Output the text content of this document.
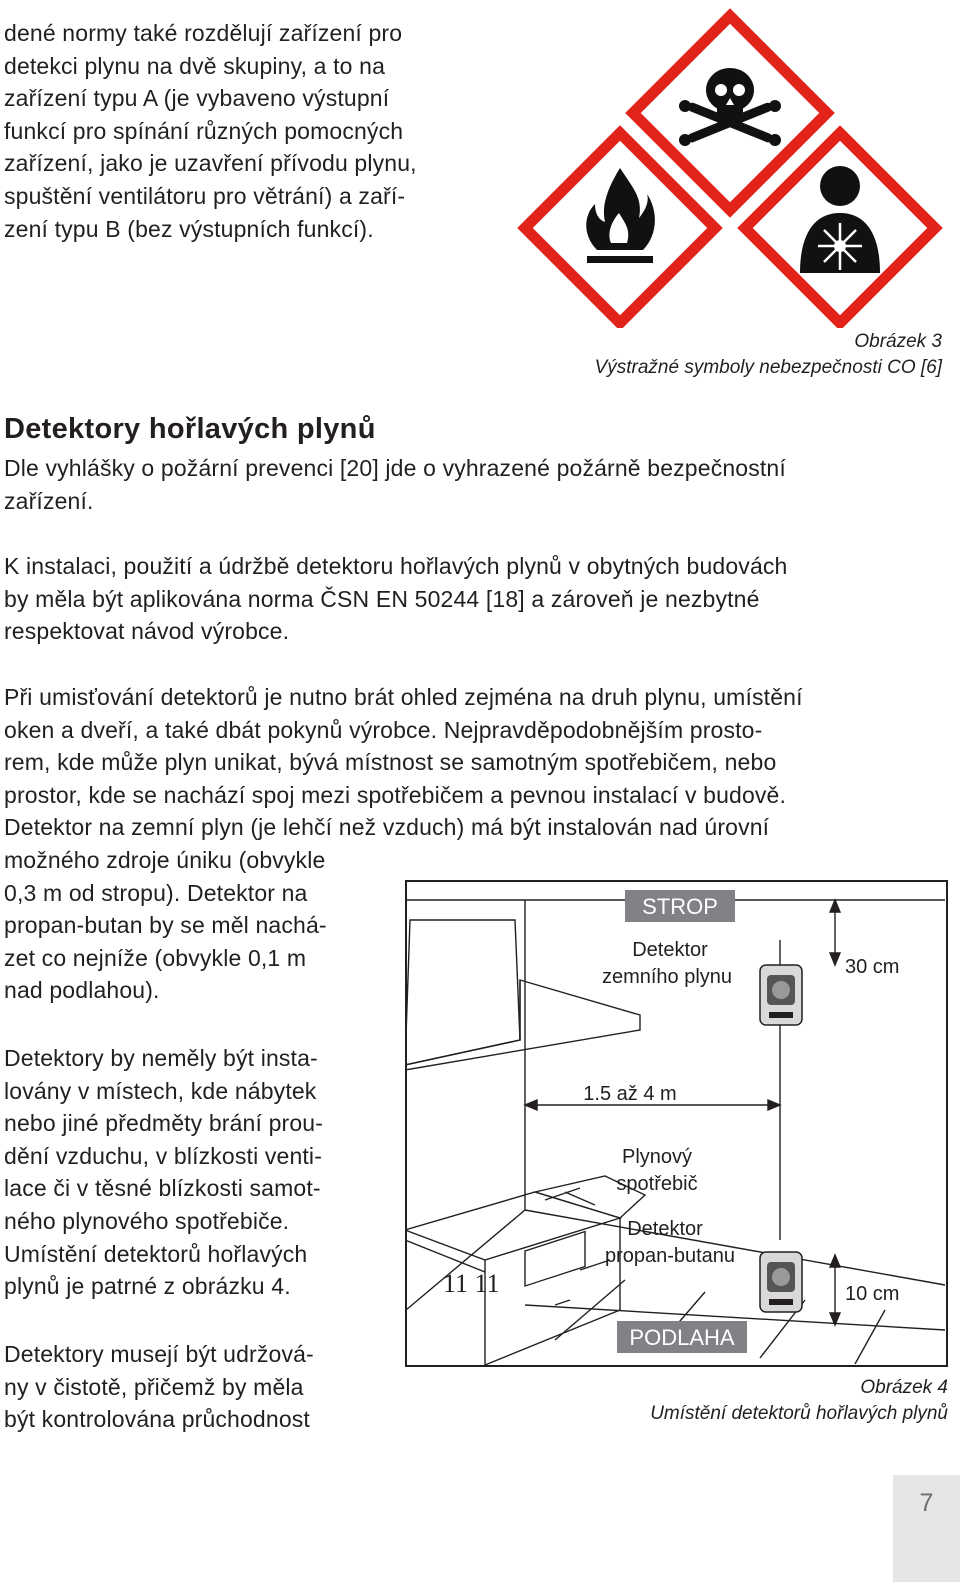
dené normy také rozdělují zařízení pro
detekci plynu na dvě skupiny, a to na
zařízení typu A (je vybaveno výstupní
funkcí pro spínání různých pomocných
zařízení, jako je uzavření přívodu plynu,
spuštění ventilátoru pro větrání) a zaří-
zení typu B (bez výstupních funkcí).
Obrázek 3
Výstražné symboly nebezpečnosti CO [6]
Detektory hořlavých plynů
Dle vyhlášky o požární prevenci [20] jde o vyhrazené požárně bezpečnostní
zařízení.
K instalaci, použití a údržbě detektoru hořlavých plynů v obytných budovách
by měla být aplikována norma ČSN EN 50244 [18] a zároveň je nezbytné
respektovat návod výrobce.
Při umisťování detektorů je nutno brát ohled zejména na druh plynu, umístění
oken a dveří, a také dbát pokynů výrobce. Nejpravděpodobnějším prosto-
rem, kde může plyn unikat, bývá místnost se samotným spotřebičem, nebo
prostor, kde se nachází spoj mezi spotřebičem a pevnou instalací v budově.
Detektor na zemní plyn (je lehčí než vzduch) má být instalován nad úrovní
možného zdroje úniku (obvykle
0,3 m od stropu). Detektor na
propan-butan by se měl nachá-
zet co nejníže (obvykle 0,1 m
nad podlahou).
Detektory by neměly být insta-
lovány v místech, kde nábytek
nebo jiné předměty brání prou-
dění vzduchu, v blízkosti venti-
lace či v těsné blízkosti samot-
ného plynového spotřebiče.
Umístění detektorů hořlavých
plynů je patrné z obrázku 4.
Detektory musejí být udržová-
ny v čistotě, přičemž by měla
být kontrolována průchodnost
11 11
STROP
PODLAHA
Detektor
zemního plynu	30 cm
1.5 až 4 m
Plynový
spotřebič
Detektor
propan-butanu
10 cm
Obrázek 4
Umístění detektorů hořlavých plynů
7
